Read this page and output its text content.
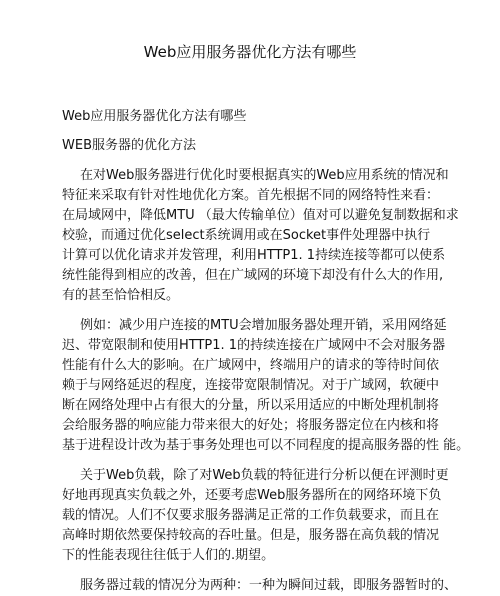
Web应用服务器优化方法有哪些
Web应用服务器优化方法有哪些
WEB服务器的优化方法
在对Web服务器进行优化时要根据真实的Web应用系统的情况和
特征来采取有针对性地优化方案。首先根据不同的网络特性来看：
在局域网中，降低MTU （最大传输单位）值对可以避免复制数据和求
校验，而通过优化select系统调用或在Socket事件处理器中执行
计算可以优化请求并发管理，利用HTTP1. 1持续连接等都可以使系
统性能得到相应的改善，但在广域网的环境下却没有什么大的作用,
有的甚至恰恰相反。
例如：减少用户连接的MTU会增加服务器处理开销，采用网络延
迟、带宽限制和使用HTTP1. 1的持续连接在广域网中不会对服务器
性能有什么大的影响。在广域网中，终端用户的请求的等待时间依
赖于与网络延迟的程度，连接带宽限制情况。对于广域网，软硬中
断在网络处理中占有很大的分量，所以采用适应的中断处理机制将
会给服务器的响应能力带来很大的好处；将服务器定位在内核和将
基于进程设计改为基于事务处理也可以不同程度的提高服务器的性 能。
关于Web负载，除了对Web负载的特征进行分析以便在评测时更
好地再现真实负载之外，还要考虑Web服务器所在的网络环境下负
载的情况。人们不仅要求服务器满足正常的工作负载要求，而且在
高峰时期依然要保持较高的吞吐量。但是，服务器在高负载的情况
下的性能表现往往低于人们的.期望。
服务器过载的情况分为两种：一种为瞬间过载，即服务器暂时的、
